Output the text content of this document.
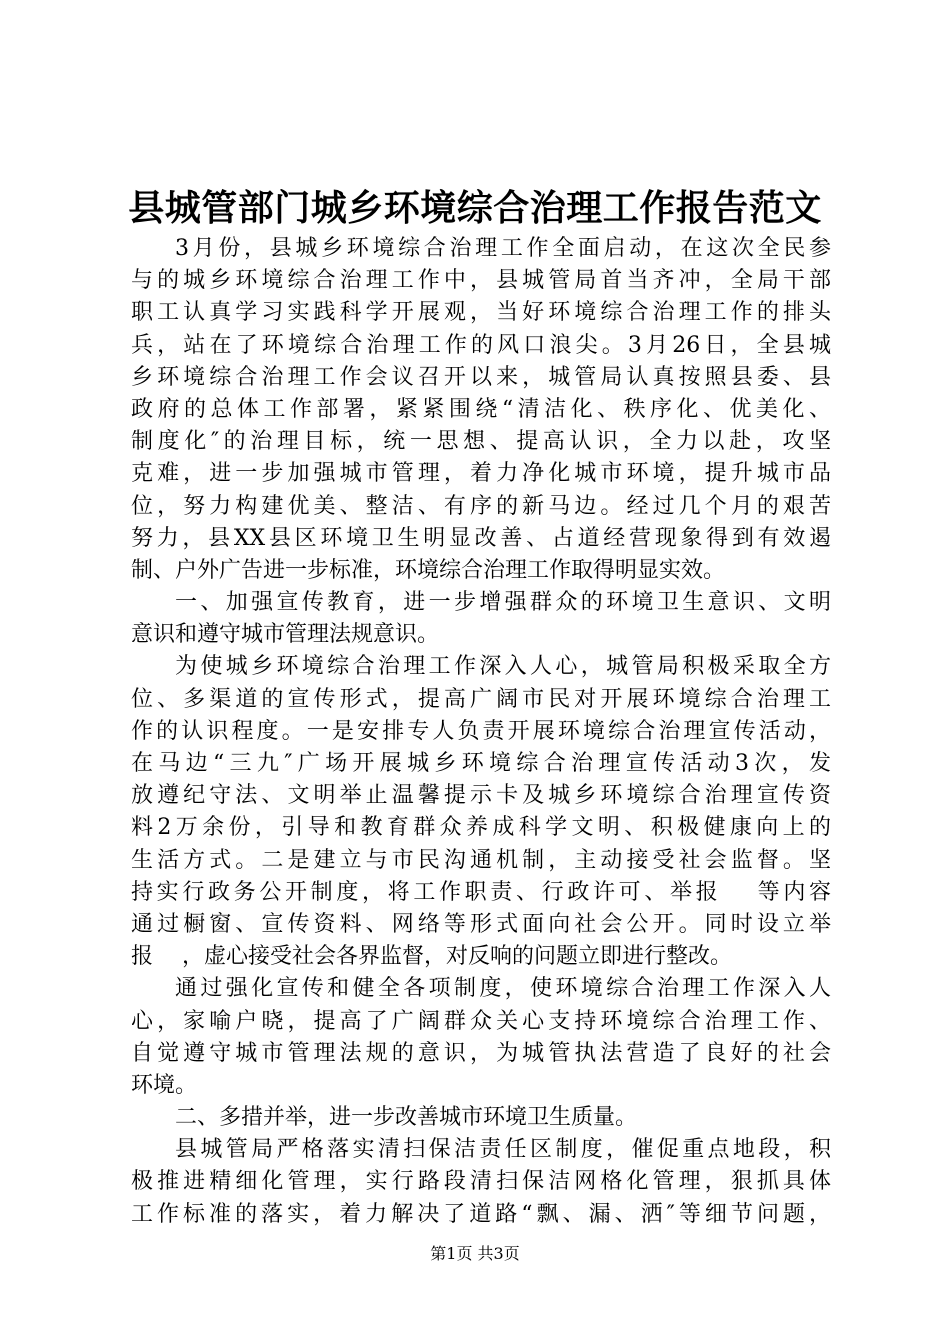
县城管部门城乡环境综合治理工作报告范文
3月份，县城乡环境综合治理工作全面启动，在这次全民参
与的城乡环境综合治理工作中，县城管局首当齐冲，全局干部
职工认真学习实践科学开展观，当好环境综合治理工作的排头
兵，站在了环境综合治理工作的风口浪尖。3月26日，全县城
乡环境综合治理工作会议召开以来，城管局认真按照县委、县
政府的总体工作部署，紧紧围绕“清洁化、秩序化、优美化、
制度化″的治理目标，统一思想、提高认识，全力以赴，攻坚
克难，进一步加强城市管理，着力净化城市环境，提升城市品
位，努力构建优美、整洁、有序的新马边。经过几个月的艰苦
努力，县XX县区环境卫生明显改善、占道经营现象得到有效遏
制、户外广告进一步标准，环境综合治理工作取得明显实效。
一、加强宣传教育，进一步增强群众的环境卫生意识、文明
意识和遵守城市管理法规意识。
为使城乡环境综合治理工作深入人心，城管局积极采取全方
位、多渠道的宣传形式，提高广阔市民对开展环境综合治理工
作的认识程度。一是安排专人负责开展环境综合治理宣传活动，
在马边“三九″广场开展城乡环境综合治理宣传活动3次，发
放遵纪守法、文明举止温馨提示卡及城乡环境综合治理宣传资
料2万余份，引导和教育群众养成科学文明、积极健康向上的
生活方式。二是建立与市民沟通机制，主动接受社会监督。坚
持实行政务公开制度，将工作职责、行政许可、举报　 等内容
通过橱窗、宣传资料、网络等形式面向社会公开。同时设立举
报　 ，虚心接受社会各界监督，对反响的问题立即进行整改。
通过强化宣传和健全各项制度，使环境综合治理工作深入人
心，家喻户晓，提高了广阔群众关心支持环境综合治理工作、
自觉遵守城市管理法规的意识，为城管执法营造了良好的社会
环境。
二、多措并举，进一步改善城市环境卫生质量。
县城管局严格落实清扫保洁责任区制度，催促重点地段，积
极推进精细化管理，实行路段清扫保洁网格化管理，狠抓具体
工作标准的落实，着力解决了道路“飘、漏、洒″等细节问题，
第1页 共3页
